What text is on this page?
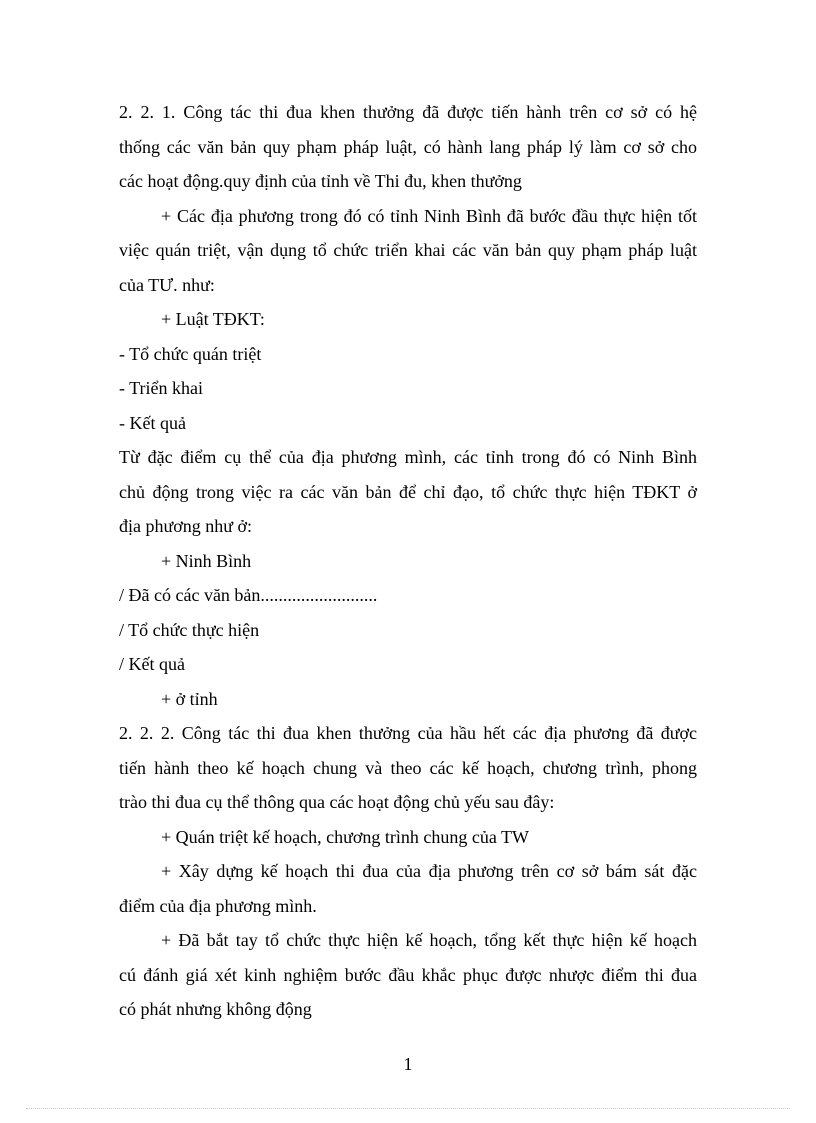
2. 2. 1. Công tác thi đua khen thưởng đã được tiến hành trên cơ sở có hệ
thống các văn bản quy phạm pháp luật, có hành lang pháp lý làm cơ sở cho
các hoạt động.quy định của tỉnh về Thi đu, khen thưởng
+ Các địa phương trong đó có tỉnh Ninh Bình đã bước đầu thực hiện tốt
việc quán triệt, vận dụng tổ chức triển khai các văn bản quy phạm pháp luật
của TƯ. như:
+ Luật TĐKT:
- Tổ chức quán triệt
- Triển khai
- Kết quả
Từ đặc điểm cụ thể của địa phương mình, các tỉnh trong đó có Ninh Bình
chủ động trong việc ra các văn bản để chỉ đạo, tổ chức thực hiện TĐKT ở
địa phương như ở:
+ Ninh Bình
/ Đã có các văn bản..........................
/ Tổ chức thực hiện
/ Kết quả
+ ở tỉnh
2. 2. 2. Công tác thi đua khen thưởng của hầu hết các địa phương đã được
tiến hành theo kế hoạch chung và theo các kế hoạch, chương trình, phong
trào thi đua cụ thể thông qua các hoạt động chủ yếu sau đây:
+ Quán triệt kế hoạch, chương trình chung của TW
+ Xây dựng kế hoạch thi đua của địa phương trên cơ sở bám sát đặc
điểm của địa phương mình.
+ Đã bắt tay tổ chức thực hiện kế hoạch, tổng kết thực hiện kế hoạch
cú đánh giá xét kinh nghiệm bước đầu khắc phục được nhược điểm thi đua
có phát nhưng không động
1
